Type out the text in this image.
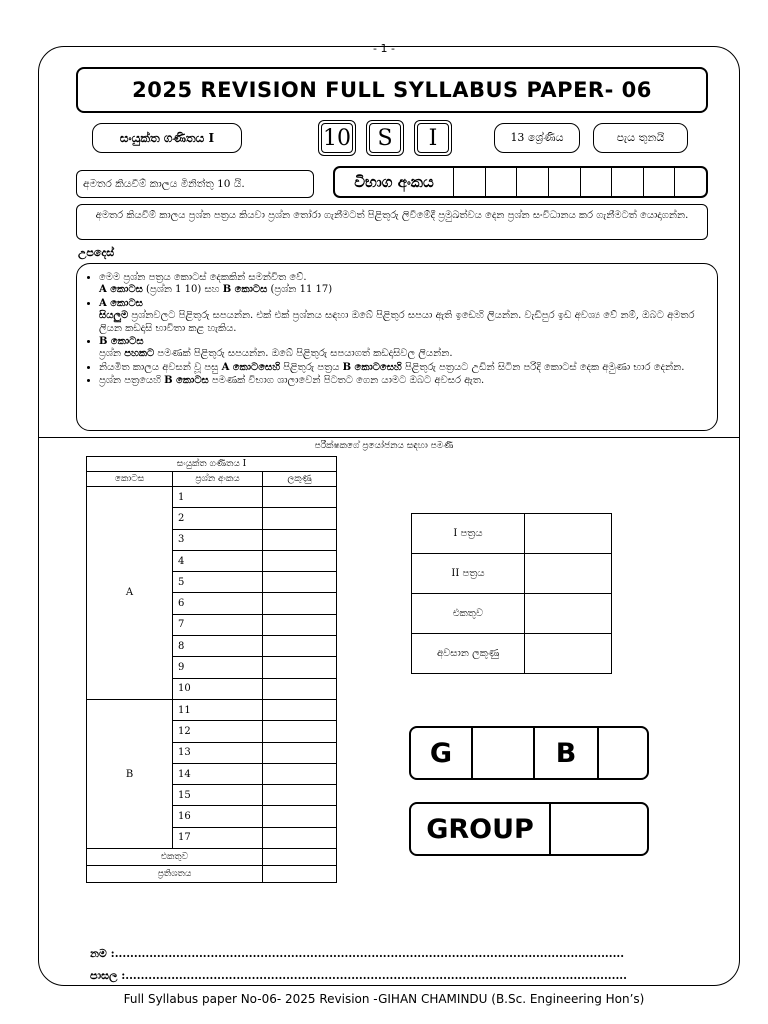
- 1 -
2025 REVISION FULL SYLLABUS PAPER- 06
සංයුක්ත ගණිතය I	10	S	I	13 ශ්‍රේණිය	පැය තුනයි
අමතර කියවීම් කාලය මිනිත්තු 10 යි.	විභාග අංකය
අමතර කියවීම් කාලය ප්‍රශ්න පත්‍රය කියවා ප්‍රශ්න තෝරා ගැනීමටත් පිළිතුරු ලිවීමේදී ප්‍රමුඛත්වය දෙන ප්‍රශ්න සංවිධානය කර ගැනීමටත් යොදාගන්න.
උපදෙස්
• මෙම ප්‍රශ්න පත්‍රය කොටස් දෙකකින් සමන්විත වේ.
A කොටස (ප්‍රශ්න 1 10) සහ B කොටස (ප්‍රශ්න 11 17)
• A කොටස
සියලුම ප්‍රශ්නවලට පිළිතුරු සපයන්න. එක් එක් ප්‍රශ්නය සඳහා ඔබේ පිළිතුර සපයා ඇති ඉඩෙහි ලියන්න. වැඩිපුර ඉඩ අවශ්‍ය වේ නම්, ඔබට අමතර ලියන කඩදාසි භාවිතා කළ හැකිය.
• B කොටස
ප්‍රශ්න පහකට පමණක් පිළිතුරු සපයන්න. ඔබේ පිළිතුරු සපයාගත් කඩදාසිවල ලියන්න.
• නියමිත කාලය අවසන් වූ පසු A කොටසෙහි පිළිතුරු පත්‍රය B කොටසෙහි පිළිතුරු පත්‍රයට උඩින් සිටින පරිදි කොටස් දෙක අමුණා භාර දෙන්න.
• ප්‍රශ්න පත්‍රයෙහි B කොටස පමණක් විභාග ශාලාවෙන් පිටතට ගෙන යාමට ඔබට අවසර ඇත.
පරීක්ෂකගේ ප්‍රයෝජනය සඳහා පමණි
සංයුක්ත ගණිතය I		
කොටස	ප්‍රශ්න අංකය	ලකුණු
A	1	
	2	
	3	
	4	
	5	
	6	
	7	
	8	
	9	
	10	
B	11	
	12	
	13	
	14	
	15	
	16	
	17	
එකතුව		
ප්‍රතිශතය		
I පත්‍රය	
II පත්‍රය	
එකතුව	
අවසාන ලකුණු	
G	B
GROUP
නම :.....................................................................................................................................
පාසල :...................................................................................................................................
Full Syllabus paper No-06- 2025 Revision -GIHAN CHAMINDU (B.Sc. Engineering Hon’s)
